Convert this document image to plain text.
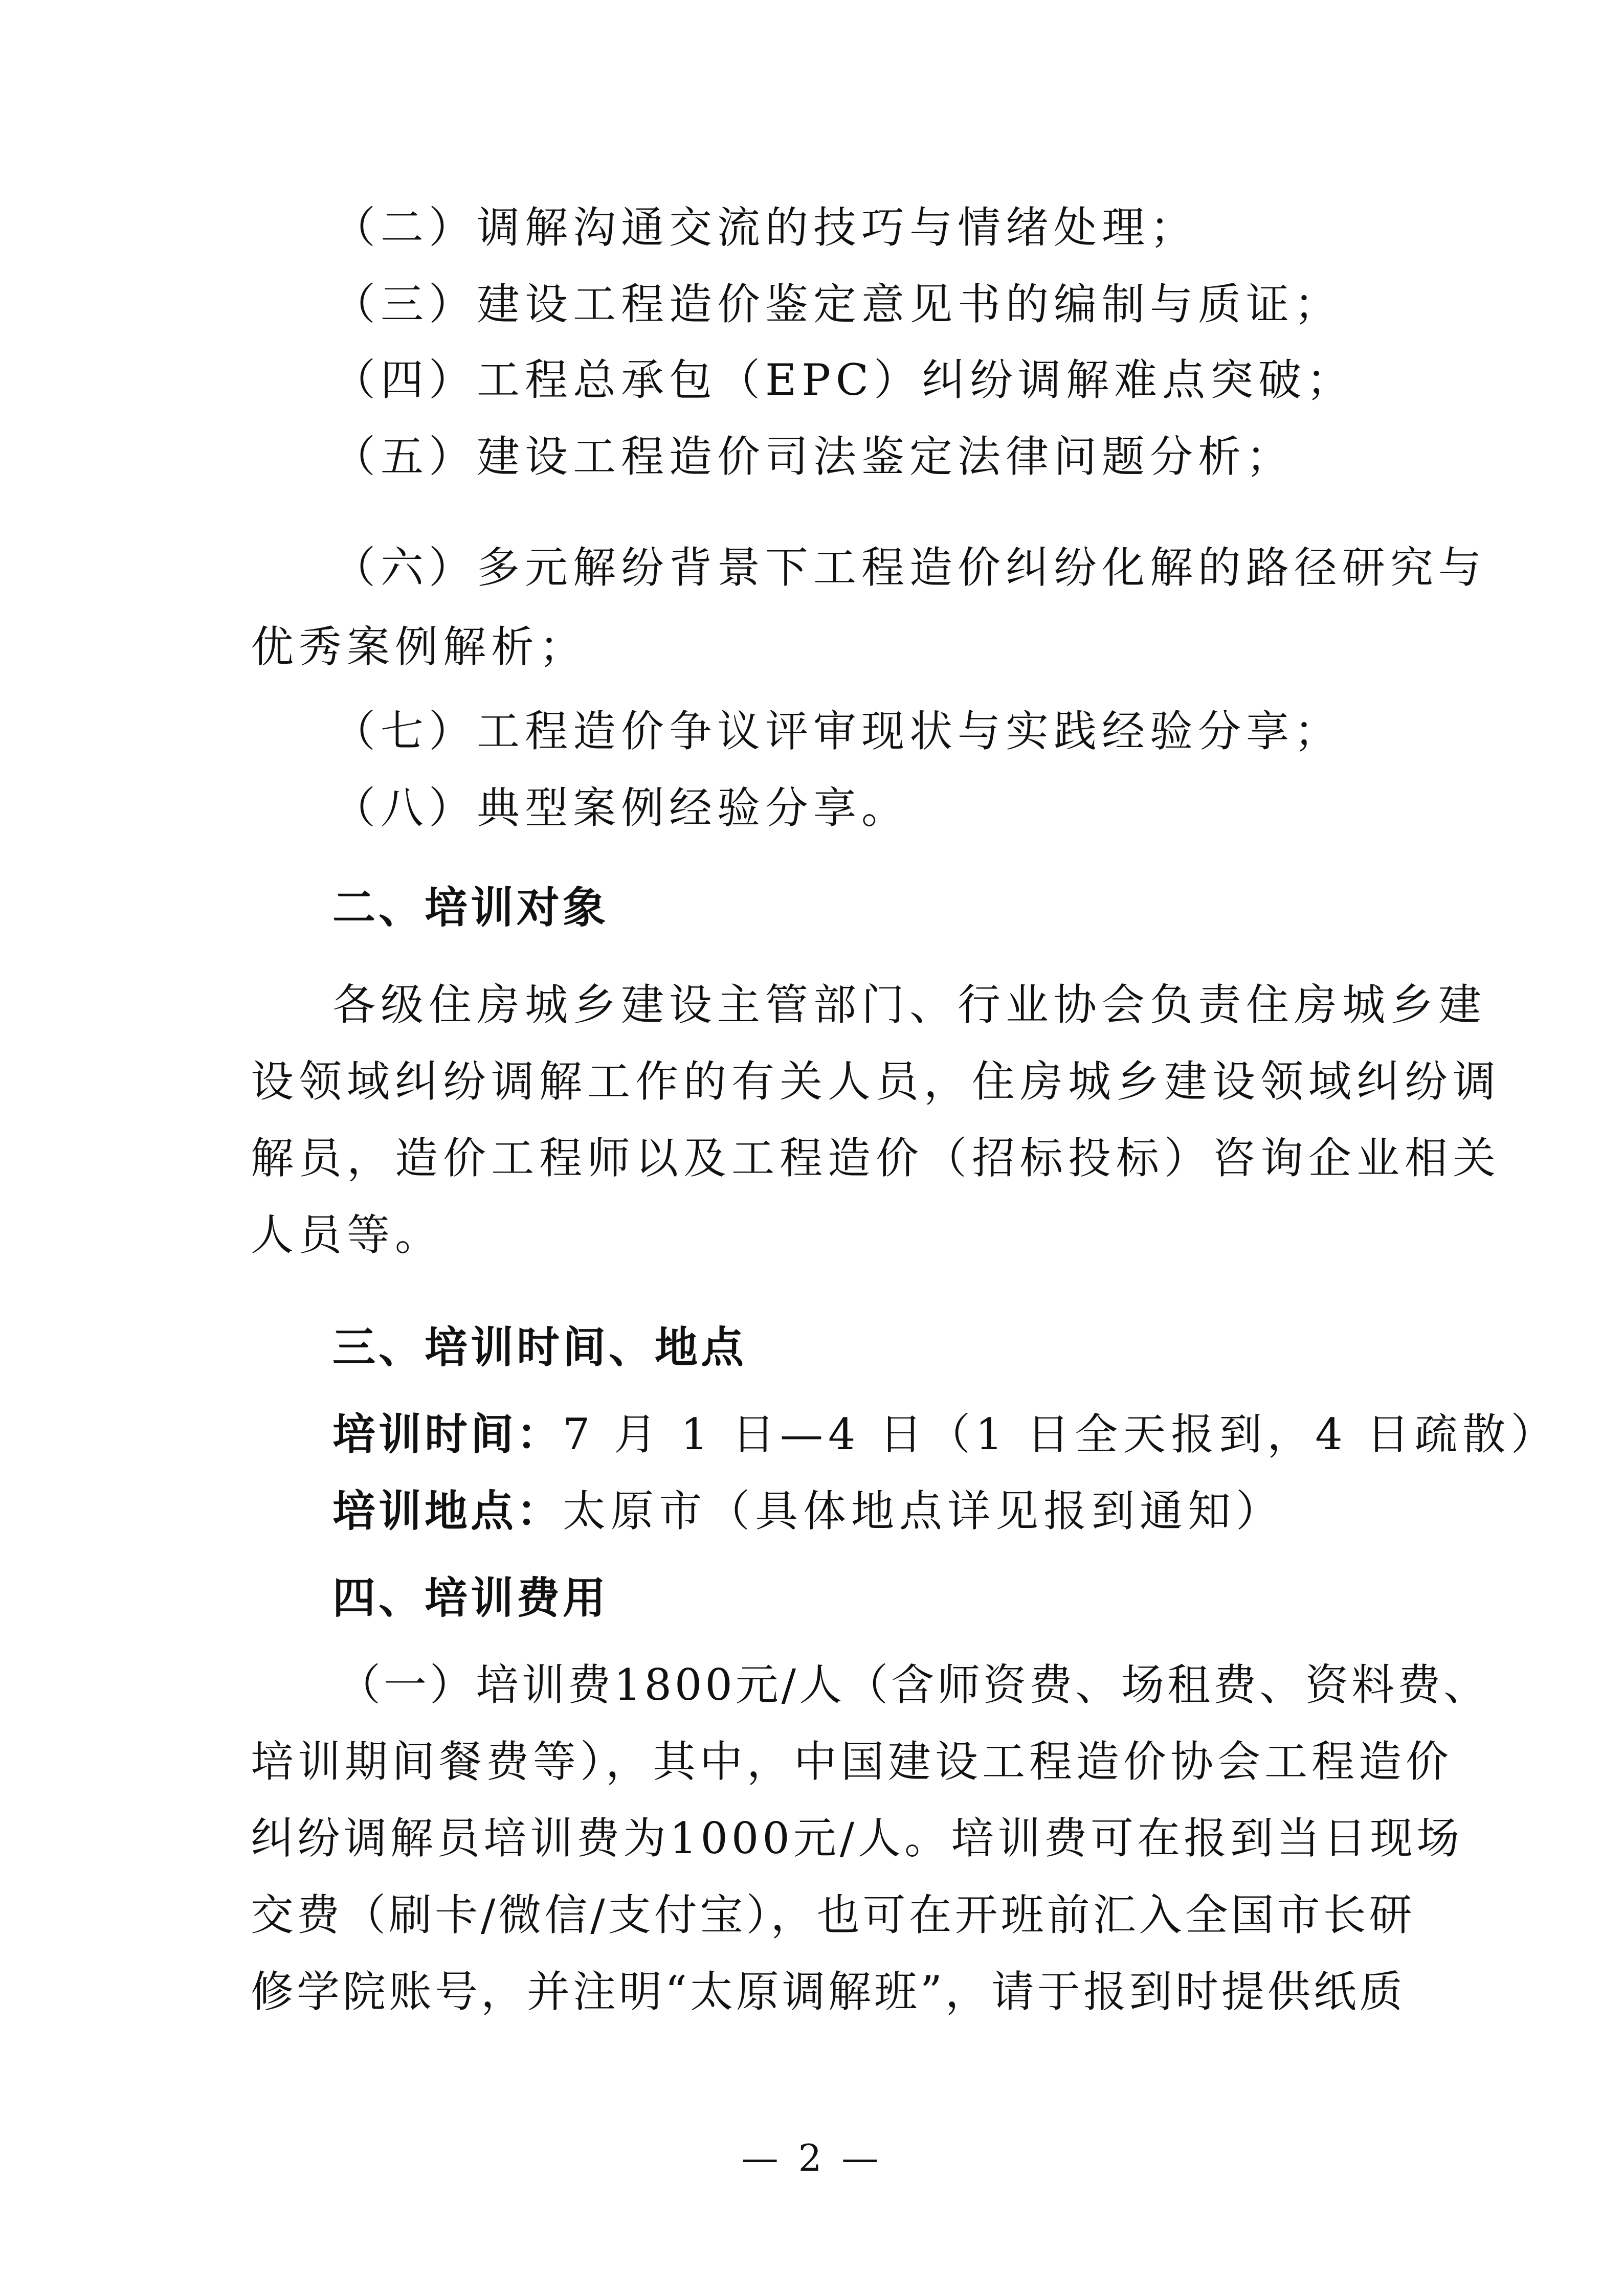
（二）调解沟通交流的技巧与情绪处理；
（三）建设工程造价鉴定意见书的编制与质证；
（四）工程总承包（EPC）纠纷调解难点突破；
（五）建设工程造价司法鉴定法律问题分析；
（六）多元解纷背景下工程造价纠纷化解的路径研究与
优秀案例解析；
（七）工程造价争议评审现状与实践经验分享；
（八）典型案例经验分享。
二、培训对象
各级住房城乡建设主管部门、行业协会负责住房城乡建
设领域纠纷调解工作的有关人员，住房城乡建设领域纠纷调
解员，造价工程师以及工程造价（招标投标）咨询企业相关
人员等。
三、培训时间、地点
培训时间：7 月 1 日—4 日（1 日全天报到，4 日疏散）
培训地点：太原市（具体地点详见报到通知）
四、培训费用
（一）培训费1800元/人（含师资费、场租费、资料费、
培训期间餐费等），其中，中国建设工程造价协会工程造价
纠纷调解员培训费为1000元/人。培训费可在报到当日现场
交费（刷卡/微信/支付宝），也可在开班前汇入全国市长研
修学院账号，并注明“太原调解班”，请于报到时提供纸质
— 2 —
